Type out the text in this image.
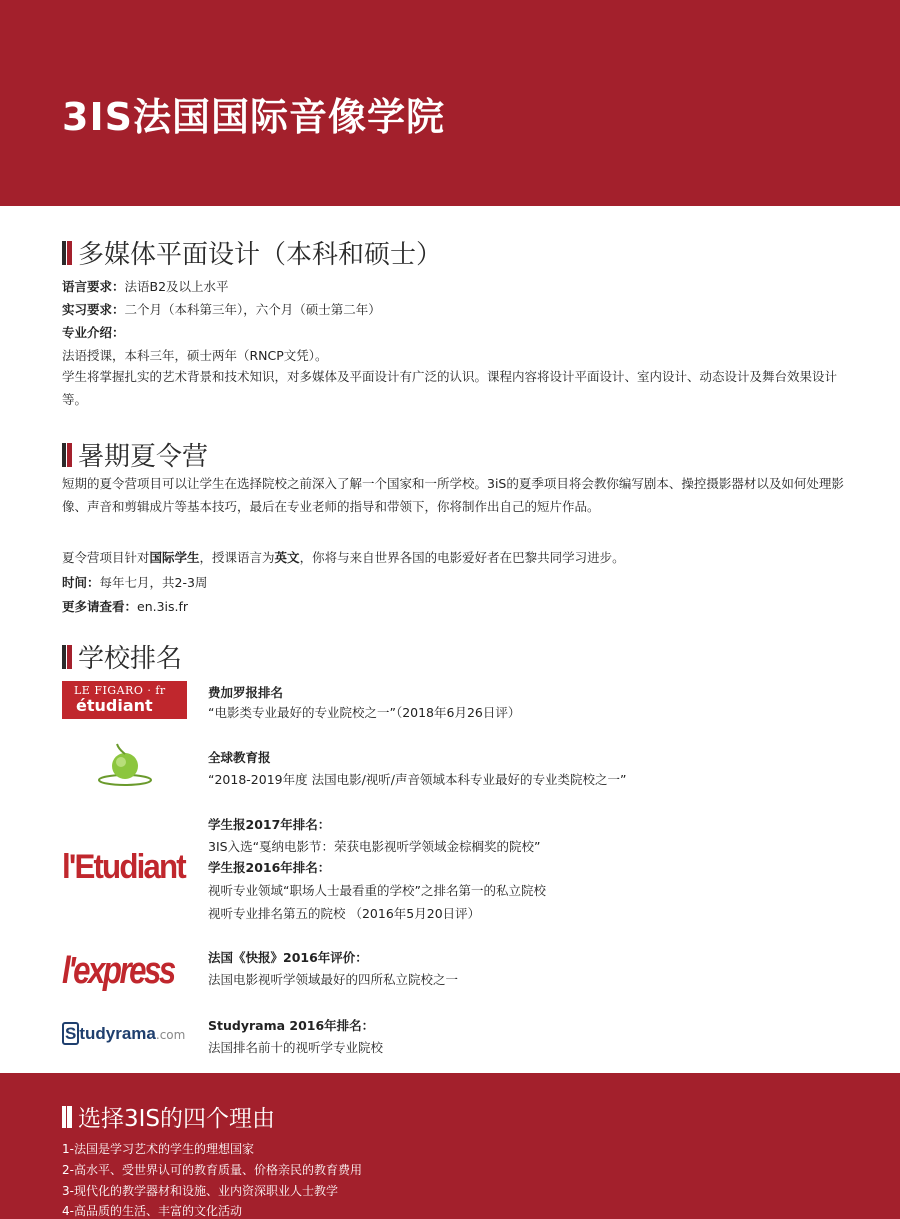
3IS法国国际音像学院
多媒体平面设计（本科和硕士）
语言要求：法语B2及以上水平
实习要求：二个月（本科第三年），六个月（硕士第二年）
专业介绍：
法语授课，本科三年，硕士两年（RNCP文凭）。
学生将掌握扎实的艺术背景和技术知识，对多媒体及平面设计有广泛的认识。课程内容将设计平面设计、室内设计、动态设计及舞台效果设计等。
暑期夏令营
短期的夏令营项目可以让学生在选择院校之前深入了解一个国家和一所学校。3iS的夏季项目将会教你编写剧本、操控摄影器材以及如何处理影像、声音和剪辑成片等基本技巧，最后在专业老师的指导和带领下，你将制作出自己的短片作品。
夏令营项目针对国际学生，授课语言为英文，你将与来自世界各国的电影爱好者在巴黎共同学习进步。
时间：每年七月，共2-3周
更多请查看：en.3is.fr
学校排名
LE FIGARO · fr
étudiant
费加罗报排名
“电影类专业最好的专业院校之一”（2018年6月26日评）
全球教育报
“2018-2019年度 法国电影/视听/声音领域本科专业最好的专业类院校之一”
l'Etudiant
学生报2017年排名：
3IS入选“戛纳电影节：荣获电影视听学领域金棕榈奖的院校”
学生报2016年排名：
视听专业领域“职场人士最看重的学校”之排名第一的私立院校
视听专业排名第五的院校 （2016年5月20日评）
l'express	法国《快报》2016年评价：
法国电影视听学领域最好的四所私立院校之一
S tudyrama.com
Studyrama 2016年排名：
法国排名前十的视听学专业院校
选择3IS的四个理由
1-法国是学习艺术的学生的理想国家
2-高水平、受世界认可的教育质量、价格亲民的教育费用
3-现代化的教学器材和设施、业内资深职业人士教学
4-高品质的生活、丰富的文化活动
